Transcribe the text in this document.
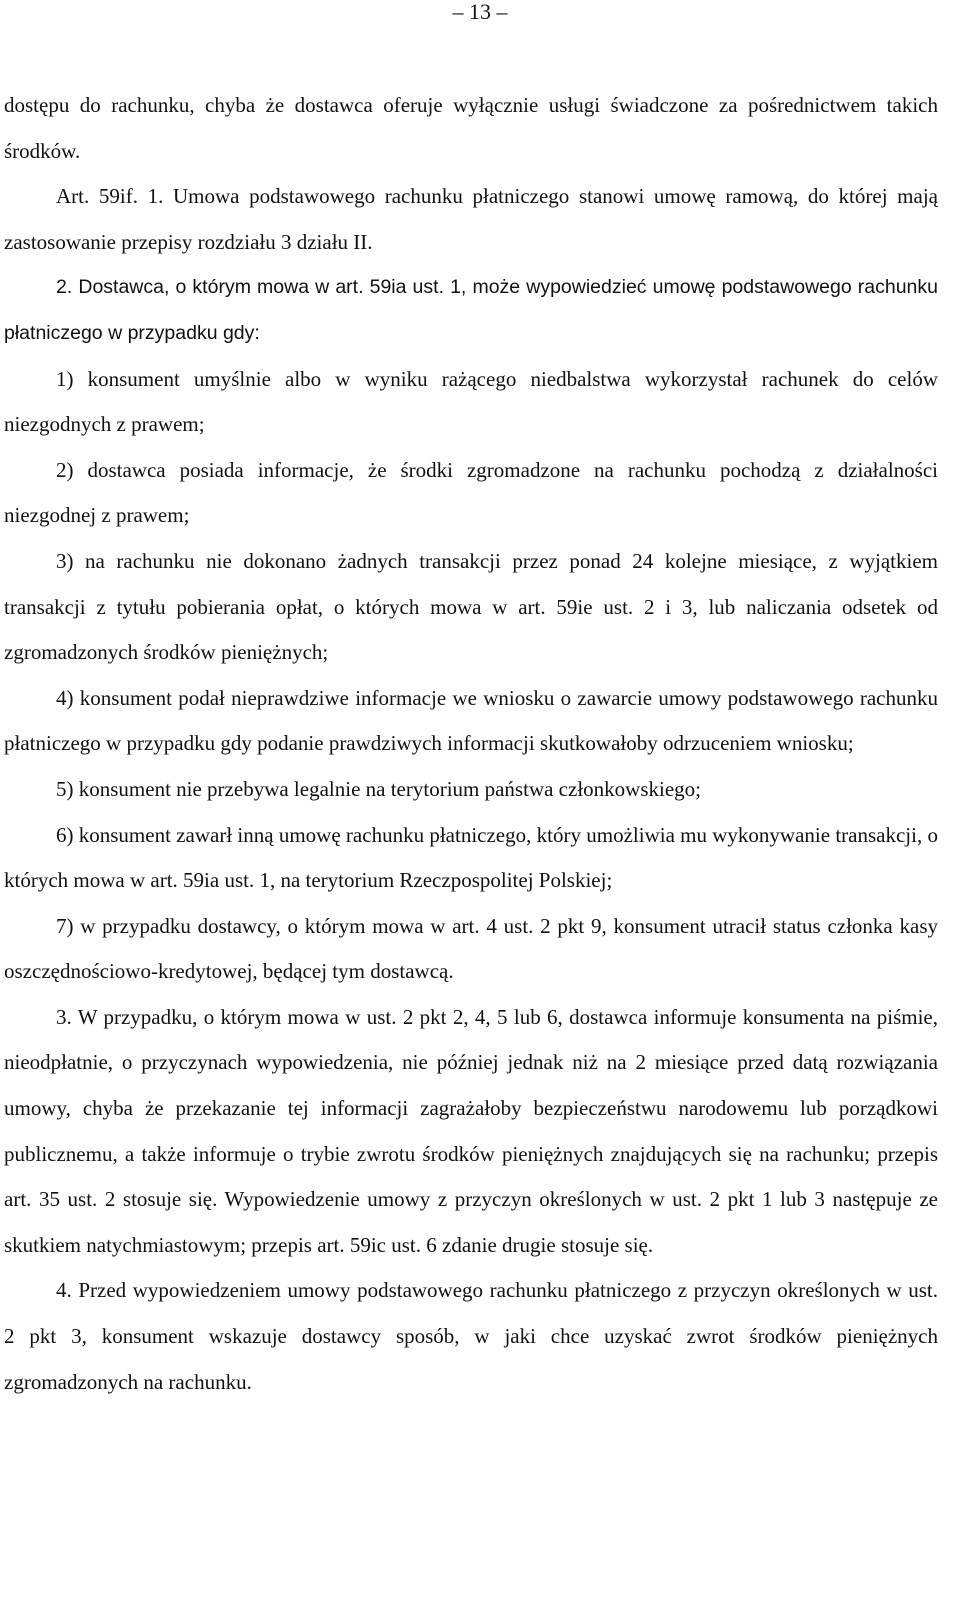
– 13 –

dostępu do rachunku, chyba że dostawca oferuje wyłącznie usługi świadczone za pośrednictwem takich środków.

Art. 59if. 1. Umowa podstawowego rachunku płatniczego stanowi umowę ramową, do której mają zastosowanie przepisy rozdziału 3 działu II.

2. Dostawca, o którym mowa w art. 59ia ust. 1, może wypowiedzieć umowę podstawowego rachunku płatniczego w przypadku gdy:

1) konsument umyślnie albo w wyniku rażącego niedbalstwa wykorzystał rachunek do celów niezgodnych z prawem;

2) dostawca posiada informacje, że środki zgromadzone na rachunku pochodzą z działalności niezgodnej z prawem;

3) na rachunku nie dokonano żadnych transakcji przez ponad 24 kolejne miesiące, z wyjątkiem transakcji z tytułu pobierania opłat, o których mowa w art. 59ie ust. 2 i 3, lub naliczania odsetek od zgromadzonych środków pieniężnych;

4) konsument podał nieprawdziwe informacje we wniosku o zawarcie umowy podstawowego rachunku płatniczego w przypadku gdy podanie prawdziwych informacji skutkowałoby odrzuceniem wniosku;

5) konsument nie przebywa legalnie na terytorium państwa członkowskiego;

6) konsument zawarł inną umowę rachunku płatniczego, który umożliwia mu wykonywanie transakcji, o których mowa w art. 59ia ust. 1, na terytorium Rzeczpospolitej Polskiej;

7) w przypadku dostawcy, o którym mowa w art. 4 ust. 2 pkt 9, konsument utracił status członka kasy oszczędnościowo-kredytowej, będącej tym dostawcą.

3. W przypadku, o którym mowa w ust. 2 pkt 2, 4, 5 lub 6, dostawca informuje konsumenta na piśmie, nieodpłatnie, o przyczynach wypowiedzenia, nie później jednak niż na 2 miesiące przed datą rozwiązania umowy, chyba że przekazanie tej informacji zagrażałoby bezpieczeństwu narodowemu lub porządkowi publicznemu, a także informuje o trybie zwrotu środków pieniężnych znajdujących się na rachunku; przepis art. 35 ust. 2 stosuje się. Wypowiedzenie umowy z przyczyn określonych w ust. 2 pkt 1 lub 3 następuje ze skutkiem natychmiastowym; przepis art. 59ic ust. 6 zdanie drugie stosuje się.

4. Przed wypowiedzeniem umowy podstawowego rachunku płatniczego z przyczyn określonych w ust. 2 pkt 3, konsument wskazuje dostawcy sposób, w jaki chce uzyskać zwrot środków pieniężnych zgromadzonych na rachunku.
